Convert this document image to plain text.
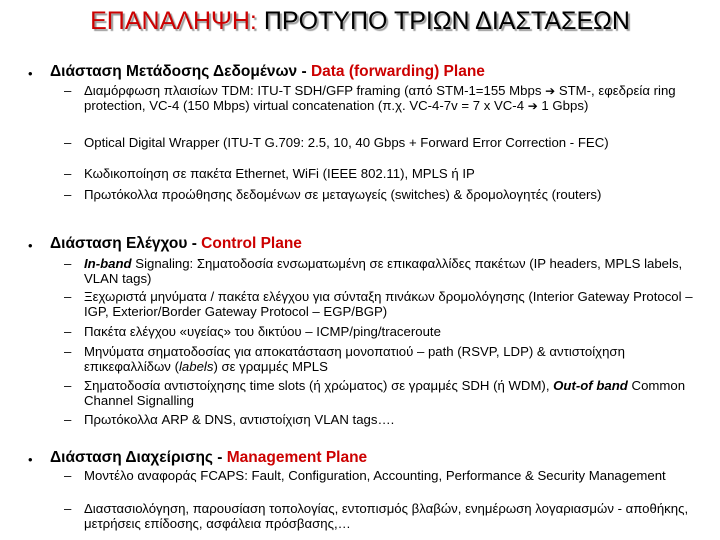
ΕΠΑΝΑΛΗΨΗ: ΠΡΟΤΥΠΟ ΤΡΙΩΝ ΔΙΑΣΤΑΣΕΩΝ
• Διάσταση Μετάδοσης Δεδομένων - Data (forwarding) Plane
– Διαμόρφωση πλαισίων TDM: ITU-T SDH/GFP framing (από STM-1=155 Mbps ➔ STM-, εφεδρεία ring protection, VC-4 (150 Mbps) virtual concatenation (π.χ. VC-4-7v = 7 x VC-4 ➔ 1 Gbps)
– Optical Digital Wrapper (ITU-T G.709: 2.5, 10, 40 Gbps + Forward Error Correction - FEC)
– Κωδικοποίηση σε πακέτα Ethernet, WiFi (IEEE 802.11), MPLS ή IP
– Πρωτόκολλα προώθησης δεδομένων σε μεταγωγείς (switches) & δρομολογητές (routers)
• Διάσταση Ελέγχου - Control Plane
– In-band Signaling: Σηματοδοσία ενσωματωμένη σε επικαφαλλίδες πακέτων (IP headers, MPLS labels, VLAN tags)
– Ξεχωριστά μηνύματα / πακέτα ελέγχου για σύνταξη πινάκων δρομολόγησης (Interior Gateway Protocol – IGP, Exterior/Border Gateway Protocol – EGP/BGP)
– Πακέτα ελέγχου «υγείας» του δικτύου – ICMP/ping/traceroute
– Μηνύματα σηματοδοσίας για αποκατάσταση μονοπατιού – path (RSVP, LDP) & αντιστοίχηση επικεφαλλίδων (labels) σε γραμμές MPLS
– Σηματοδοσία αντιστοίχησης time slots (ή χρώματος) σε γραμμές SDH (ή WDM), Out-of band Common Channel Signalling
– Πρωτόκολλα ARP & DNS, αντιστοίχιση VLAN tags….
• Διάσταση Διαχείρισης - Management Plane
– Μοντέλο αναφοράς FCAPS: Fault, Configuration, Accounting, Performance & Security Management
– Διαστασιολόγηση, παρουσίαση τοπολογίας, εντοπισμός βλαβών, ενημέρωση λογαριασμών - αποθήκης, μετρήσεις επίδοσης, ασφάλεια πρόσβασης,…
